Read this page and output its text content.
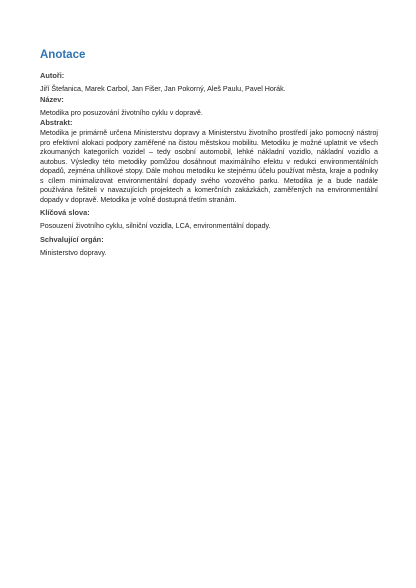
Anotace

Autoři:

Jiří Štefanica, Marek Carbol, Jan Fišer, Jan Pokorný, Aleš Paulu, Pavel Horák.

Název:

Metodika pro posuzování životního cyklu v dopravě.

Abstrakt:

Metodika je primárně určena Ministerstvu dopravy a Ministerstvu životního prostředí jako pomocný nástroj pro efektivní alokaci podpory zaměřené na čistou městskou mobilitu. Metodiku je možné uplatnit ve všech zkoumaných kategoriích vozidel – tedy osobní automobil, lehké nákladní vozidlo, nákladní vozidlo a autobus. Výsledky této metodiky pomůžou dosáhnout maximálního efektu v redukci environmentálních dopadů, zejména uhlíkové stopy. Dále mohou metodiku ke stejnému účelu používat města, kraje a podniky s cílem minimalizovat environmentální dopady svého vozového parku. Metodika je a bude nadále používána řešiteli v navazujících projektech a komerčních zakázkách, zaměřených na environmentální dopady v dopravě. Metodika je volně dostupná třetím stranám.

Klíčová slova:

Posouzení životního cyklu, silniční vozidla, LCA, environmentální dopady.

Schvalující orgán:

Ministerstvo dopravy.
